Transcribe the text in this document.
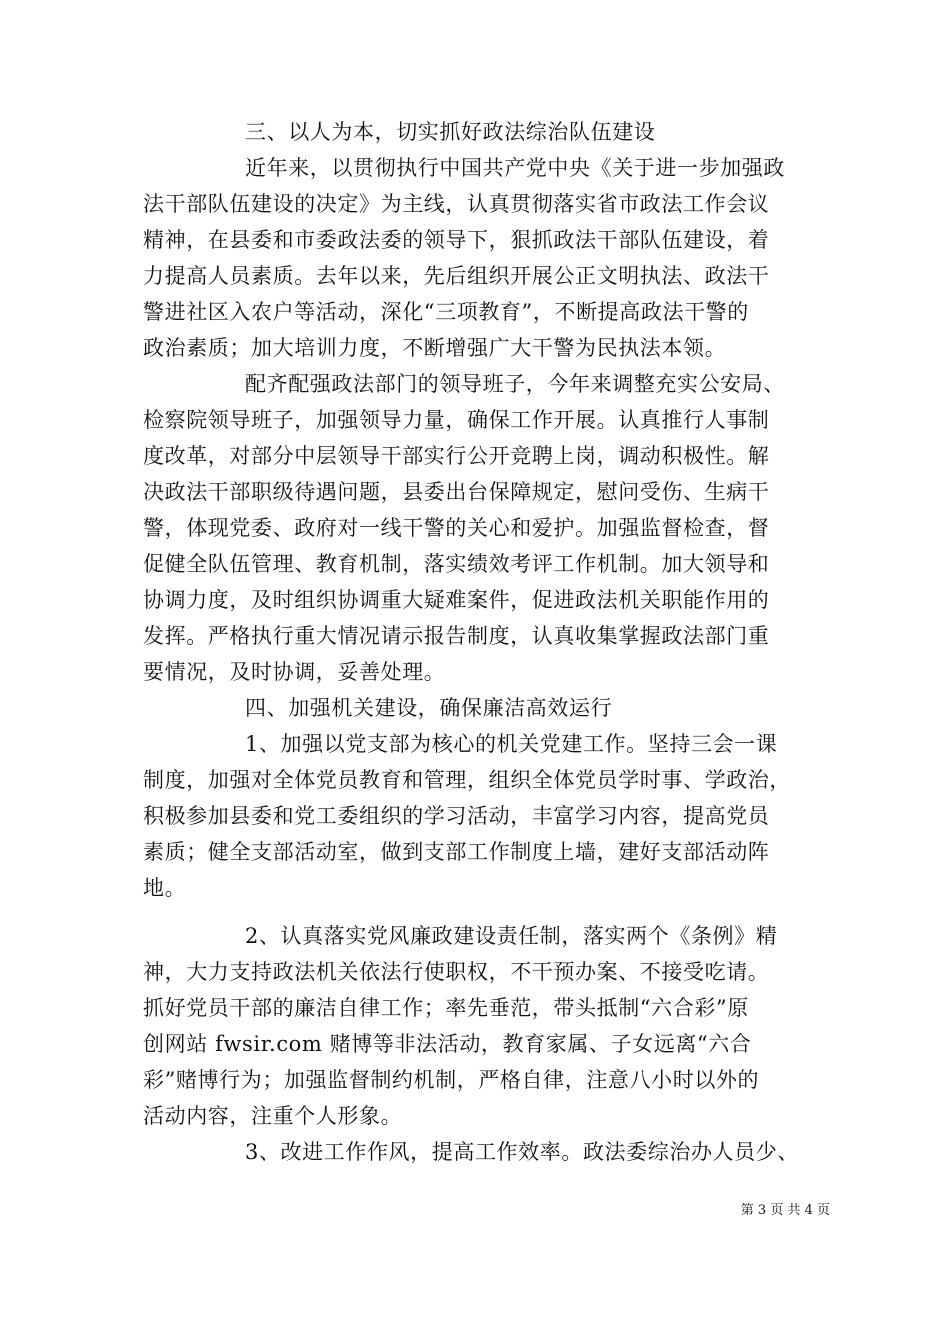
三、以人为本，切实抓好政法综治队伍建设
近年来，以贯彻执行中国共产党中央《关于进一步加强政
法干部队伍建设的决定》为主线，认真贯彻落实省市政法工作会议
精神，在县委和市委政法委的领导下，狠抓政法干部队伍建设，着
力提高人员素质。去年以来，先后组织开展公正文明执法、政法干
警进社区入农户等活动，深化“三项教育”，不断提高政法干警的
政治素质；加大培训力度，不断增强广大干警为民执法本领。
配齐配强政法部门的领导班子，今年来调整充实公安局、
检察院领导班子，加强领导力量，确保工作开展。认真推行人事制
度改革，对部分中层领导干部实行公开竞聘上岗，调动积极性。解
决政法干部职级待遇问题，县委出台保障规定，慰问受伤、生病干
警，体现党委、政府对一线干警的关心和爱护。加强监督检查，督
促健全队伍管理、教育机制，落实绩效考评工作机制。加大领导和
协调力度，及时组织协调重大疑难案件，促进政法机关职能作用的
发挥。严格执行重大情况请示报告制度，认真收集掌握政法部门重
要情况，及时协调，妥善处理。
四、加强机关建设，确保廉洁高效运行
1、加强以党支部为核心的机关党建工作。坚持三会一课
制度，加强对全体党员教育和管理，组织全体党员学时事、学政治，
积极参加县委和党工委组织的学习活动，丰富学习内容，提高党员
素质；健全支部活动室，做到支部工作制度上墙，建好支部活动阵
地。
2、认真落实党风廉政建设责任制，落实两个《条例》精
神，大力支持政法机关依法行使职权，不干预办案、不接受吃请。
抓好党员干部的廉洁自律工作；率先垂范，带头抵制“六合彩”原
创网站 fwsir.com 赌博等非法活动，教育家属、子女远离“六合
彩”赌博行为；加强监督制约机制，严格自律，注意八小时以外的
活动内容，注重个人形象。
3、改进工作作风，提高工作效率。政法委综治办人员少、
第 3 页 共 4 页
